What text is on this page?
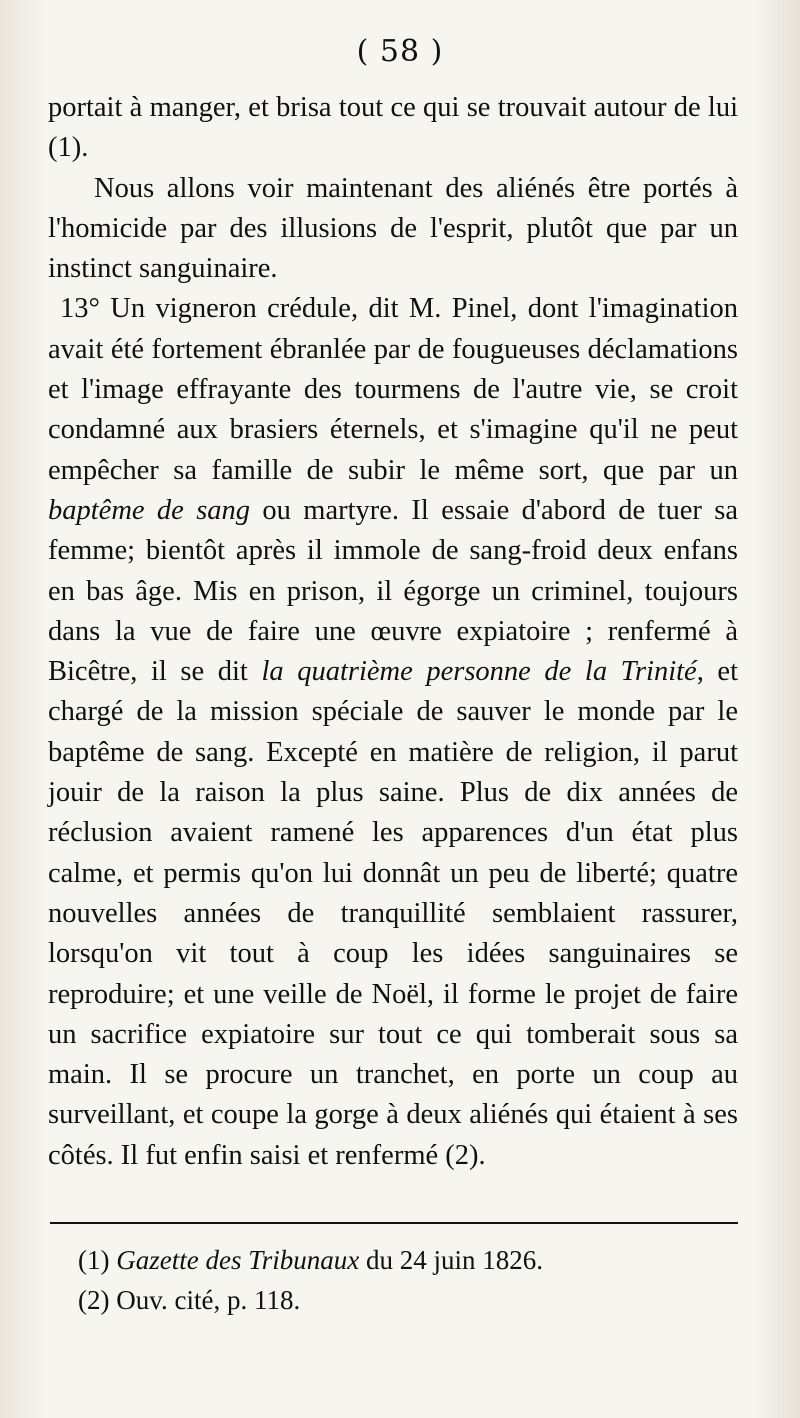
( 58 )

portait à manger, et brisa tout ce qui se trouvait autour de lui (1).

Nous allons voir maintenant des aliénés être portés à l'homicide par des illusions de l'esprit, plutôt que par un instinct sanguinaire.

13° Un vigneron crédule, dit M. Pinel, dont l'imagination avait été fortement ébranlée par de fougueuses déclamations et l'image effrayante des tourmens de l'autre vie, se croit condamné aux brasiers éternels, et s'imagine qu'il ne peut empêcher sa famille de subir le même sort, que par un baptême de sang ou martyre. Il essaie d'abord de tuer sa femme; bientôt après il immole de sang-froid deux enfans en bas âge. Mis en prison, il égorge un criminel, toujours dans la vue de faire une œuvre expiatoire ; renfermé à Bicêtre, il se dit la quatrième personne de la Trinité, et chargé de la mission spéciale de sauver le monde par le baptême de sang. Excepté en matière de religion, il parut jouir de la raison la plus saine. Plus de dix années de réclusion avaient ramené les apparences d'un état plus calme, et permis qu'on lui donnât un peu de liberté; quatre nouvelles années de tranquillité semblaient rassurer, lorsqu'on vit tout à coup les idées sanguinaires se reproduire; et une veille de Noël, il forme le projet de faire un sacrifice expiatoire sur tout ce qui tomberait sous sa main. Il se procure un tranchet, en porte un coup au surveillant, et coupe la gorge à deux aliénés qui étaient à ses côtés. Il fut enfin saisi et renfermé (2).

(1) Gazette des Tribunaux du 24 juin 1826.

(2) Ouv. cité, p. 118.
